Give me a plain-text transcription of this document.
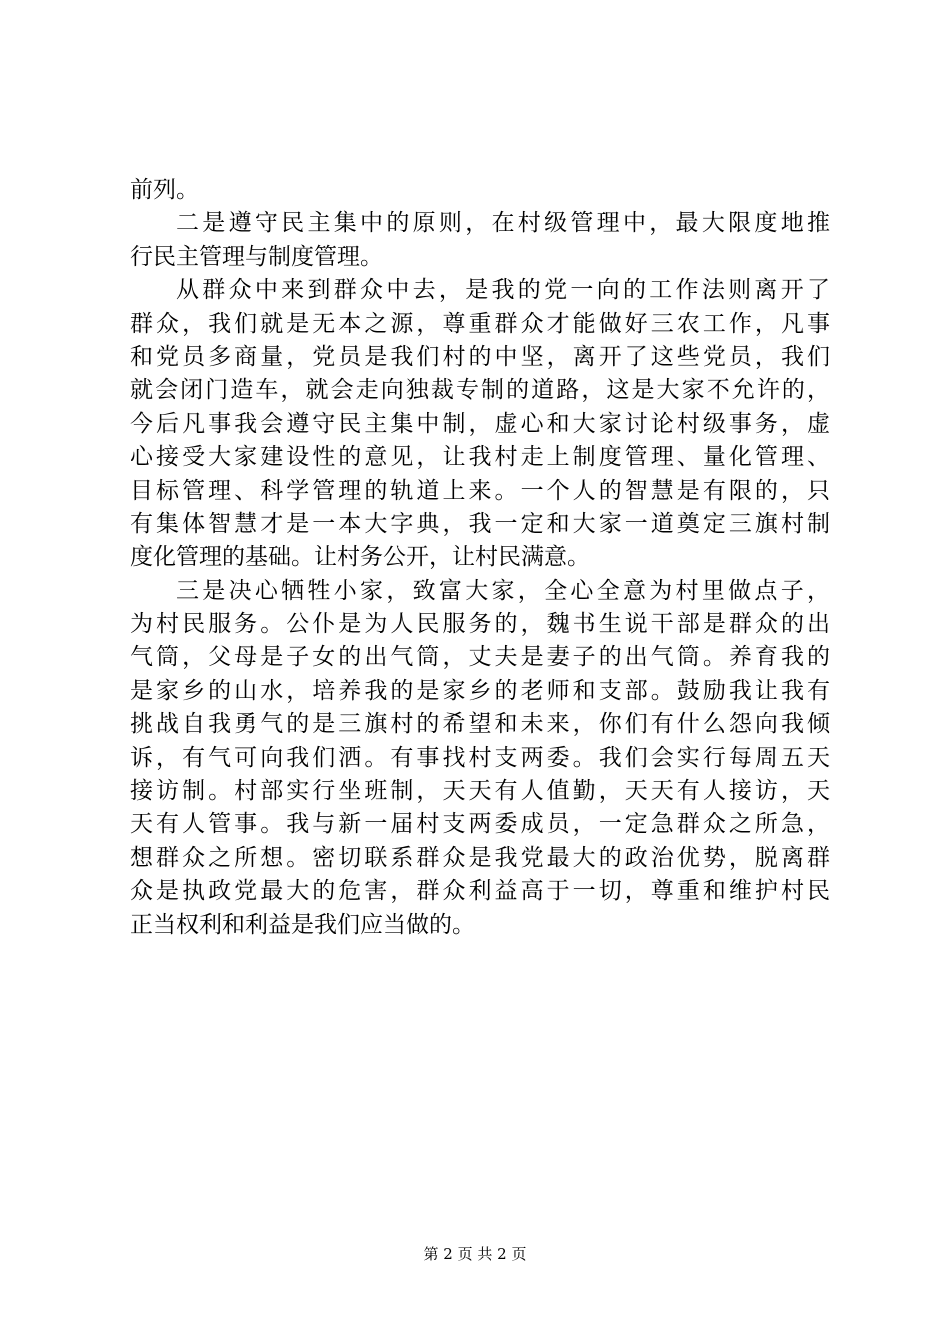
前列。
二是遵守民主集中的原则，在村级管理中，最大限度地推
行民主管理与制度管理。
从群众中来到群众中去，是我的党一向的工作法则离开了
群众，我们就是无本之源，尊重群众才能做好三农工作，凡事
和党员多商量，党员是我们村的中坚，离开了这些党员，我们
就会闭门造车，就会走向独裁专制的道路，这是大家不允许的，
今后凡事我会遵守民主集中制，虚心和大家讨论村级事务，虚
心接受大家建设性的意见，让我村走上制度管理、量化管理、
目标管理、科学管理的轨道上来。一个人的智慧是有限的，只
有集体智慧才是一本大字典，我一定和大家一道奠定三旗村制
度化管理的基础。让村务公开，让村民满意。
三是决心牺牲小家，致富大家，全心全意为村里做点子，
为村民服务。公仆是为人民服务的，魏书生说干部是群众的出
气筒，父母是子女的出气筒，丈夫是妻子的出气筒。养育我的
是家乡的山水，培养我的是家乡的老师和支部。鼓励我让我有
挑战自我勇气的是三旗村的希望和未来，你们有什么怨向我倾
诉，有气可向我们洒。有事找村支两委。我们会实行每周五天
接访制。村部实行坐班制，天天有人值勤，天天有人接访，天
天有人管事。我与新一届村支两委成员，一定急群众之所急，
想群众之所想。密切联系群众是我党最大的政治优势，脱离群
众是执政党最大的危害，群众利益高于一切，尊重和维护村民
正当权利和利益是我们应当做的。
第 2 页 共 2 页
